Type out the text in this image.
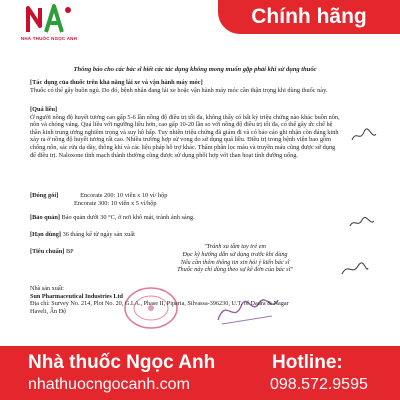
NHÀ THUỐC NGỌC ANH
Chính hãng
Thông báo cho các bác sĩ biết các tác dụng không mong muốn gặp phải khi sử dụng thuốc
[Tác dụng của thuốc trên khả năng lái xe và vận hành máy móc]
Thuốc có thể gây buồn ngủ. Do đó, bệnh nhân đang lái xe hoặc vận hành máy móc cần thận trọng khi dùng thuốc này.
[Quá liều]
Ở người nồng độ huyết tương cao gấp 5-6 lần nồng độ điều trị tối đa, không thấy có bất kỳ triệu chứng nào khác buồn nôn, nôn và chóng váng. Quá liều với ngưỡng liều hơn, cao gấp 10-20 lần so với nồng độ điều trị tối đa, có thể gây ức chế hệ thần kinh trung ương nghiêm trọng và suy hô hấp. Tuy nhiên triệu chứng đã giảm đi và có bảo cáo ghi nhận còn đáng kinh xảy ra ở nồng độ huyết tương rất cao. Nhiều trường hợp sử vong do sử dụng quá liều. Điều trị trong bệnh viện bao gồm chống nôn, sác rửa dạ dày, thông khí và các liệu pháp hỗ trợ khác. Thẩm phân lọc máu và truyền máu cũng được sử dụng để điều trị. Naloxone tĩnh mạch thành thường cũng được sử dụng phối hợp với than hoạt tính đường uống.
[Đóng gói]	Encorate 200: 10 viên x 10 vỉ/ hộp
Encorate 300: 10 viên x 5 vỉ/hộp
[Bảo quản] Bảo quản dưới 30 °C, ở nơi khô mát, tránh ánh sáng.
[Hạn dùng] 36 tháng kể từ ngày sản xuất
[Tiêu chuẩn] BP
"Tránh xa tầm tay trẻ em
Đọc kỹ hướng dẫn sử dụng trước khi dùng
Nếu cần thêm thông tin xin hỏi ý kiến bác sĩ
Thuốc này chỉ dùng theo sự kê đơn của bác sĩ"
Nhà sản xuất:
Sun Pharmaceutical Industries Ltd
Địa chỉ: Survey No. 214, Plot No. 20, G.I.A., Phase II, Piparia, Silvassa-396230, U.T. of Dadra & Nagar
Haveli, Ấn Độ
Nhà thuốc Ngọc Anh
nhathuocngocanh.com
Hotline:
098.572.9595
